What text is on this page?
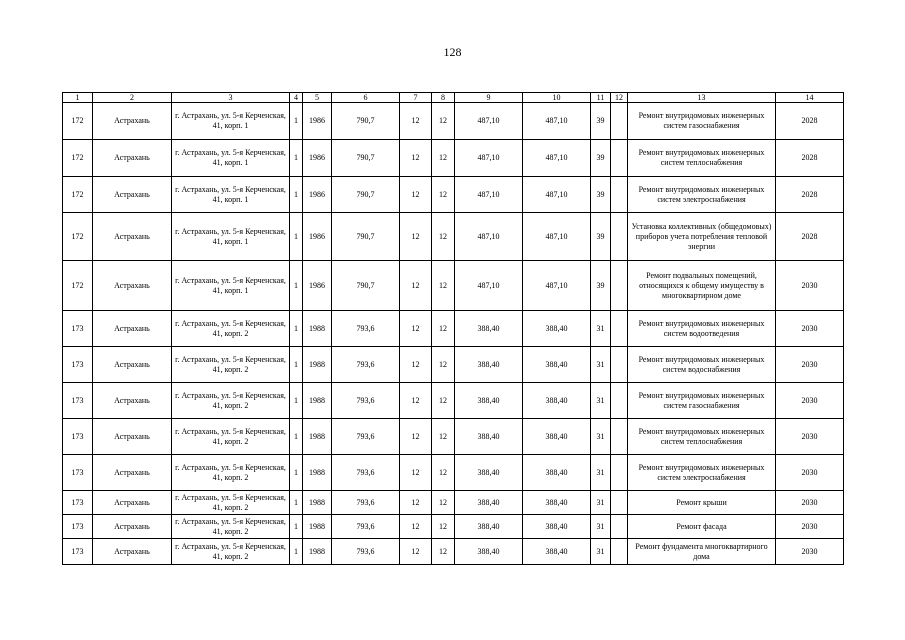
128
1	2	3	4	5	6	7	8	9	10	11	12	13	14
172	Астрахань	г. Астрахань, ул. 5-я Керченская, 41, корп. 1	1	1986	790,7	12	12	487,10	487,10	39		Ремонт внутридомовых инженерных систем газоснабжения	2028
172	Астрахань	г. Астрахань, ул. 5-я Керченская, 41, корп. 1	1	1986	790,7	12	12	487,10	487,10	39		Ремонт внутридомовых инженерных систем теплоснабжения	2028
172	Астрахань	г. Астрахань, ул. 5-я Керченская, 41, корп. 1	1	1986	790,7	12	12	487,10	487,10	39		Ремонт внутридомовых инженерных систем электроснабжения	2028
172	Астрахань	г. Астрахань, ул. 5-я Керченская, 41, корп. 1	1	1986	790,7	12	12	487,10	487,10	39		Установка коллективных (общедомовых) приборов учета потребления тепловой энергии	2028
172	Астрахань	г. Астрахань, ул. 5-я Керченская, 41, корп. 1	1	1986	790,7	12	12	487,10	487,10	39		Ремонт подвальных помещений, относящихся к общему имуществу в многоквартирном доме	2030
173	Астрахань	г. Астрахань, ул. 5-я Керченская, 41, корп. 2	1	1988	793,6	12	12	388,40	388,40	31		Ремонт внутридомовых инженерных систем водоотведения	2030
173	Астрахань	г. Астрахань, ул. 5-я Керченская, 41, корп. 2	1	1988	793,6	12	12	388,40	388,40	31		Ремонт внутридомовых инженерных систем водоснабжения	2030
173	Астрахань	г. Астрахань, ул. 5-я Керченская, 41, корп. 2	1	1988	793,6	12	12	388,40	388,40	31		Ремонт внутридомовых инженерных систем газоснабжения	2030
173	Астрахань	г. Астрахань, ул. 5-я Керченская, 41, корп. 2	1	1988	793,6	12	12	388,40	388,40	31		Ремонт внутридомовых инженерных систем теплоснабжения	2030
173	Астрахань	г. Астрахань, ул. 5-я Керченская, 41, корп. 2	1	1988	793,6	12	12	388,40	388,40	31		Ремонт внутридомовых инженерных систем электроснабжения	2030
173	Астрахань	г. Астрахань, ул. 5-я Керченская, 41, корп. 2	1	1988	793,6	12	12	388,40	388,40	31		Ремонт крыши	2030
173	Астрахань	г. Астрахань, ул. 5-я Керченская, 41, корп. 2	1	1988	793,6	12	12	388,40	388,40	31		Ремонт фасада	2030
173	Астрахань	г. Астрахань, ул. 5-я Керченская, 41, корп. 2	1	1988	793,6	12	12	388,40	388,40	31		Ремонт фундамента многоквартирного дома	2030
